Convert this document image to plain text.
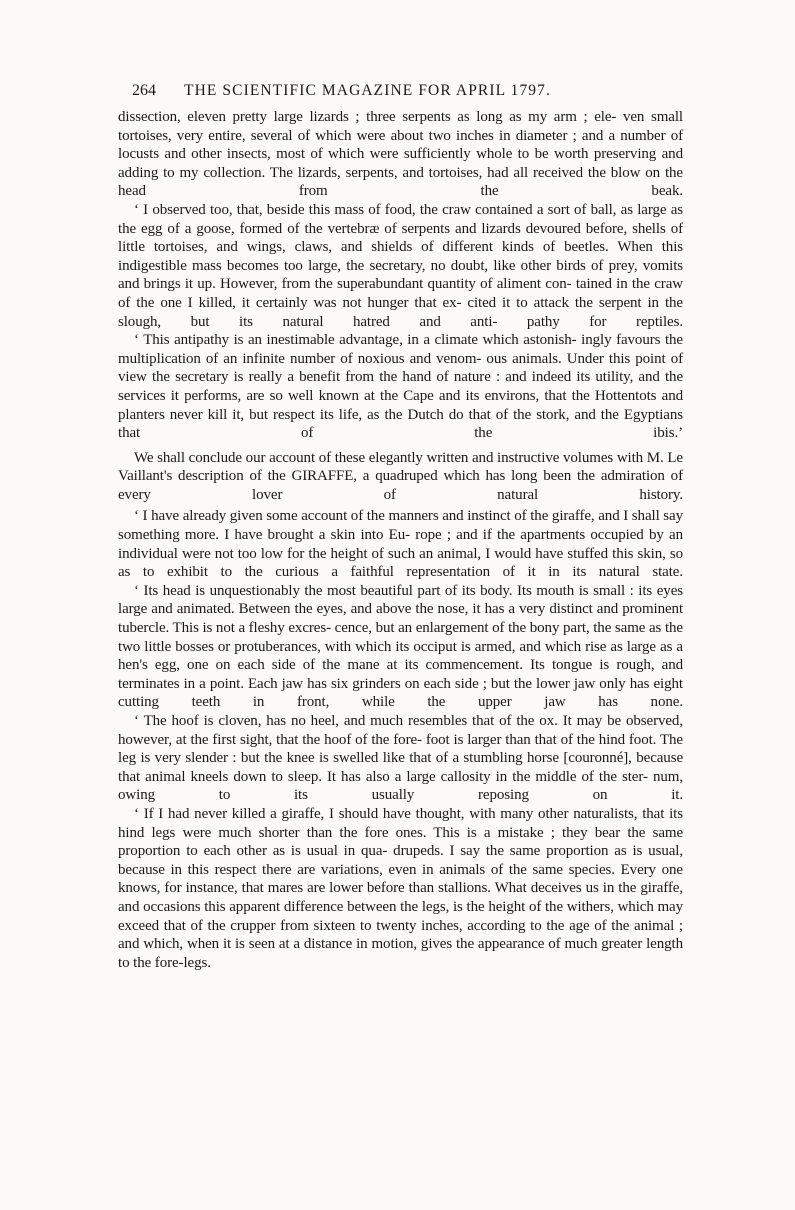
264	THE SCIENTIFIC MAGAZINE FOR APRIL 1797.

dissection, eleven pretty large lizards ; three serpents as long as my arm ; ele- ven small tortoises, very entire, several of which were about two inches in diameter ; and a number of locusts and other insects, most of which were sufficiently whole to be worth preserving and adding to my collection. The lizards, serpents, and tortoises, had all received the blow on the head from	the beak.

‘ I observed too, that, beside this mass of food, the craw contained a sort of ball, as large as the egg of a goose, formed of the vertebræ of serpents and lizards devoured before, shells of little tortoises, and wings, claws, and shields of different kinds of beetles. When this indigestible mass becomes too large, the secretary, no doubt, like other birds of prey, vomits and brings it up. However, from the superabundant quantity of aliment con- tained in the craw of the one I killed, it certainly was not hunger that ex- cited it to attack the serpent in the slough, but its natural hatred and anti- pathy for reptiles.

‘ This antipathy is an inestimable advantage, in a climate which astonish- ingly favours the multiplication of an infinite number of noxious and venom- ous animals. Under this point of view the secretary is really a benefit from the hand of nature : and indeed its utility, and the services it performs, are so well known at the Cape and its environs, that the Hottentots and planters never kill it, but respect its life, as the Dutch do that of the stork, and the Egyptians that of the ibis.’

We shall conclude our account of these elegantly written and instructive volumes with M. Le Vaillant's description of the GIRAFFE, a quadruped which has long been the admiration of every lover of natural history.

‘ I have already given some account of the manners and instinct of the giraffe, and I shall say something more. I have brought a skin into Eu- rope ; and if the apartments occupied by an individual were not too low for the height of such an animal, I would have stuffed this skin, so as to exhibit to the curious a faithful representation of it in its natural state.

‘ Its head is unquestionably the most beautiful part of its body. Its mouth is small : its eyes large and animated. Between the eyes, and above the nose, it has a very distinct and prominent tubercle. This is not a fleshy excres- cence, but an enlargement of the bony part, the same as the two little bosses or protuberances, with which its occiput is armed, and which rise as large as a hen's egg, one on each side of the mane at its commencement. Its tongue is rough, and terminates in a point. Each jaw has six grinders on each side ; but the lower jaw only has eight cutting teeth in front, while the upper jaw has none.

‘ The hoof is cloven, has no heel, and much resembles that of the ox. It may be observed, however, at the first sight, that the hoof of the fore- foot is larger than that of the hind foot. The leg is very slender : but the knee is swelled like that of a stumbling horse [couronné], because that animal kneels down to sleep. It has also a large callosity in the middle of the ster- num, owing to its usually reposing on it.

‘ If I had never killed a giraffe, I should have thought, with many other naturalists, that its hind legs were much shorter than the fore ones. This is a mistake ; they bear the same proportion to each other as is usual in qua- drupeds. I say the same proportion as is usual, because in this respect there are variations, even in animals of the same species. Every one knows, for instance, that mares are lower before than stallions. What deceives us in the giraffe, and occasions this apparent difference between the legs, is the height of the withers, which may exceed that of the crupper from sixteen to twenty inches, according to the age of the animal ; and which, when it is seen at a distance in motion, gives the appearance of much greater length to the fore-legs.
